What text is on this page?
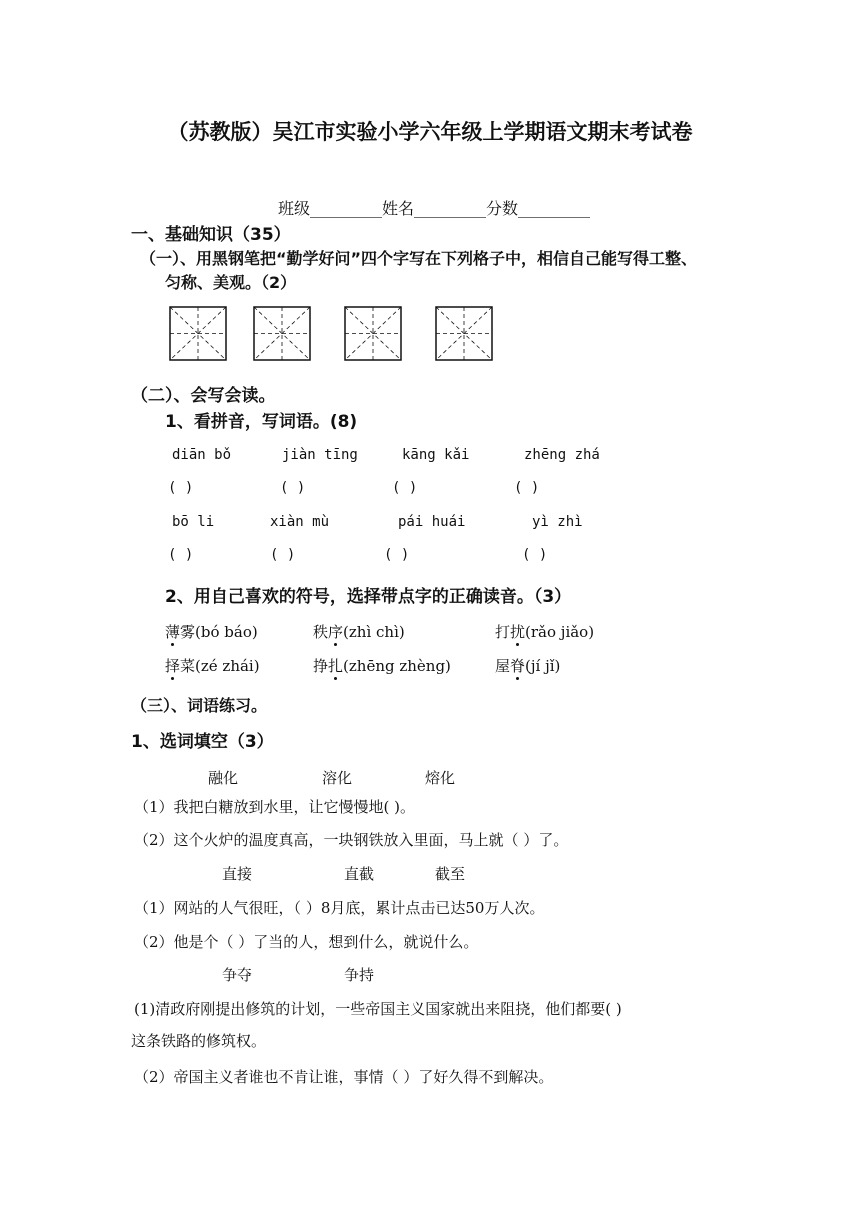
（苏教版）吴江市实验小学六年级上学期语文期末考试卷
班级_________姓名_________分数_________
一、基础知识（35）
（一）、用黑钢笔把“勤学好问”四个字写在下列格子中，相信自己能写得工整、
匀称、美观。（2）
（二）、会写会读。
1、看拼音，写词语。(8)
diān bǒ	jiàn tīng	kāng kǎi	zhēng zhá
( )	( )	( )	( )
bō li	xiàn mù	pái huái	yì zhì
( )	( )	( )	( )
2、用自己喜欢的符号，选择带点字的正确读音。（3）
薄雾(bó báo)	秩序(zhì chì)	打扰(rǎo jiǎo)
择菜(zé zhái)	挣扎(zhēng zhèng)	屋脊(jí jǐ)
（三）、词语练习。
1、选词填空（3）
融化	溶化	熔化
（1）我把白糖放到水里，让它慢慢地( )。
（2）这个火炉的温度真高，一块钢铁放入里面，马上就（ ）了。
直接	直截	截至
（1）网站的人气很旺，（ ）8月底，累计点击已达50万人次。
（2）他是个（ ）了当的人，想到什么，就说什么。
争夺	争持
(1)清政府刚提出修筑的计划，一些帝国主义国家就出来阻挠，他们都要( )
这条铁路的修筑权。
（2）帝国主义者谁也不肯让谁，事情（ ）了好久得不到解决。
